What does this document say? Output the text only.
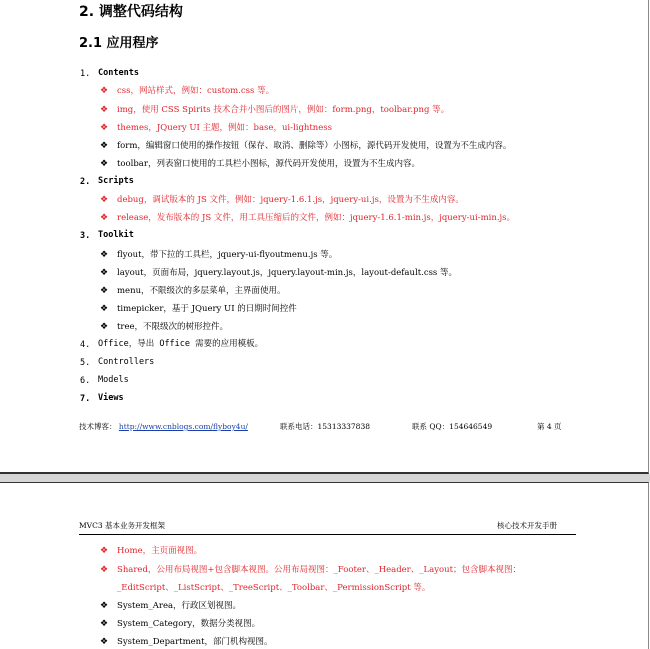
2. 调整代码结构
2.1 应用程序
1. Contents
2. Scripts
3. Toolkit
4. Office，导出 Office 需要的应用模板。
5. Controllers
6. Models
7. Views
❖ css，网站样式，例如：custom.css 等。
❖ img，使用 CSS Spirits 技术合并小图后的图片，例如：form.png，toolbar.png 等。
❖ themes，JQuery UI 主题，例如：base，ui-lightness
❖ form，编辑窗口使用的操作按钮（保存、取消、删除等）小图标，源代码开发使用，设置为不生成内容。
❖ toolbar，列表窗口使用的工具栏小图标，源代码开发使用，设置为不生成内容。
❖ debug，调试版本的 JS 文件，例如：jquery-1.6.1.js，jquery-ui.js，设置为不生成内容。
❖ release，发布版本的 JS 文件，用工具压缩后的文件，例如：jquery-1.6.1-min.js，jquery-ui-min.js。
❖ flyout，带下拉的工具栏，jquery-ui-flyoutmenu.js 等。
❖ layout，页面布局，jquery.layout.js，jquery.layout-min.js，layout-default.css 等。
❖ menu，不限级次的多层菜单，主界面使用。
❖ timepicker，基于 JQuery UI 的日期时间控件
❖ tree，不限级次的树形控件。
技术博客： http://www.cnblogs.com/flyboy4u/	联系电话：15313337838	联系 QQ：154646549	第 4 页
MVC3 基本业务开发框架	核心技术开发手册
❖ Home，主页面视图。
❖ Shared，公用布局视图+包含脚本视图。公用布局视图：_Footer、_Header、_Layout；包含脚本视图：
_EditScript、_ListScript、_TreeScript、_Toolbar、_PermissionScript 等。
❖ System_Area，行政区划视图。
❖ System_Category，数据分类视图。
❖ System_Department，部门机构视图。
